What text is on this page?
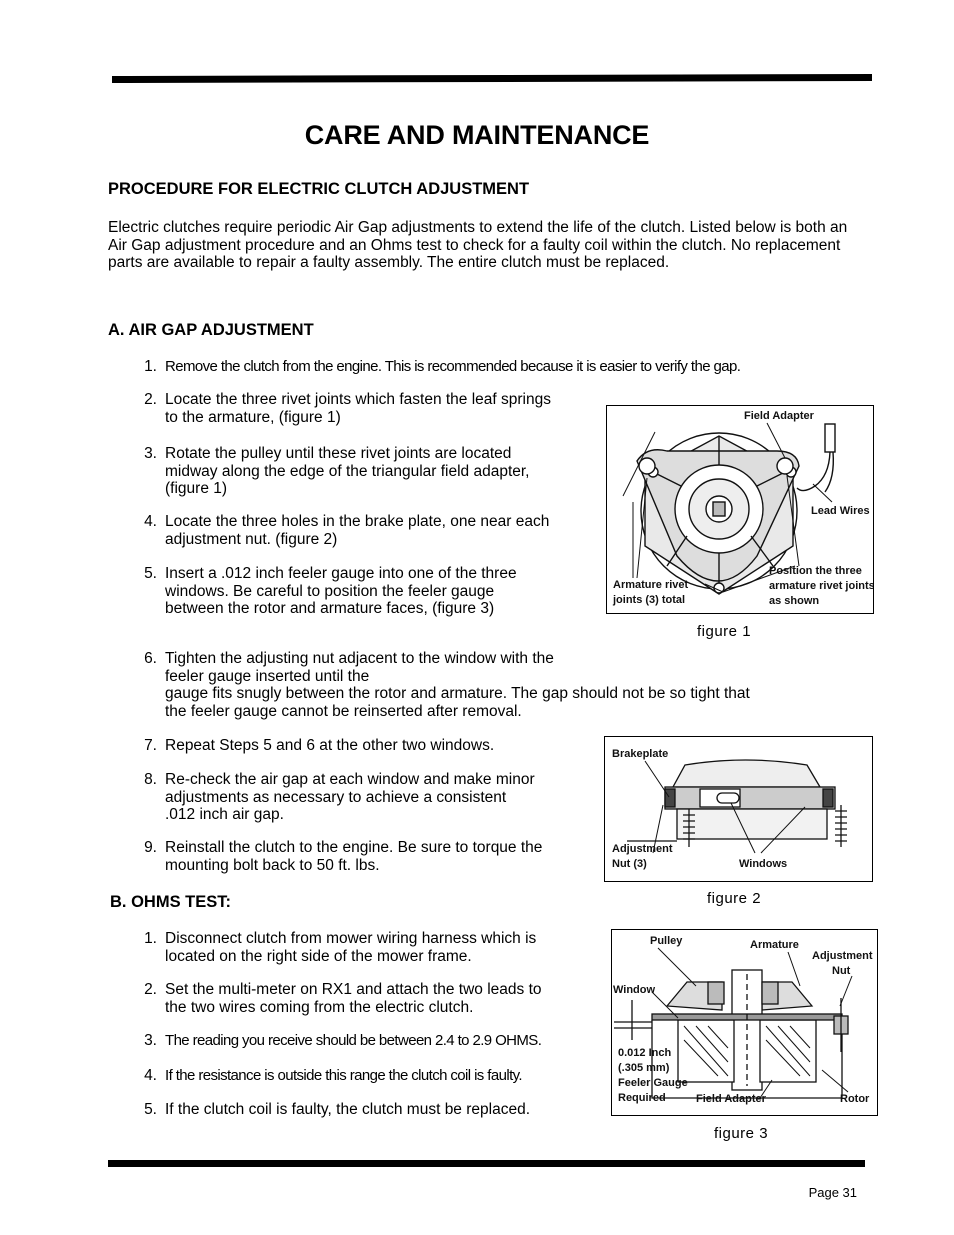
CARE AND MAINTENANCE
PROCEDURE FOR ELECTRIC CLUTCH ADJUSTMENT

Electric clutches require periodic Air Gap adjustments to extend the life of the clutch. Listed below is both an Air Gap adjustment procedure and an Ohms test to check for a faulty coil within the clutch. No replacement parts are available to repair a faulty assembly. The entire clutch must be replaced.

A. AIR GAP ADJUSTMENT
1. Remove the clutch from the engine. This is recommended because it is easier to verify the gap.
2. Locate the three rivet joints which fasten the leaf springs
to the armature, (figure 1)
3. Rotate the pulley until these rivet joints are located
midway along the edge of the triangular field adapter,
(figure 1)
4. Locate the three holes in the brake plate, one near each
adjustment nut. (figure 2)
5. Insert a .012 inch feeler gauge into one of the three
windows. Be careful to position the feeler gauge
between the rotor and armature faces, (figure 3)
6. Tighten the adjusting nut adjacent to the window with the
feeler gauge inserted until the
gauge fits snugly between the rotor and armature. The gap should not be so tight that
the feeler gauge cannot be reinserted after removal.
7. Repeat Steps 5 and 6 at the other two windows.
8. Re-check the air gap at each window and make minor
adjustments as necessary to achieve a consistent
.012 inch air gap.
9. Reinstall the clutch to the engine. Be sure to torque the
mounting bolt back to 50 ft. lbs.
B. OHMS TEST:
1. Disconnect clutch from mower wiring harness which is
located on the right side of the mower frame.
2. Set the multi-meter on RX1 and attach the two leads to
the two wires coming from the electric clutch.
3. The reading you receive should be between 2.4 to 2.9 OHMS.
4. If the resistance is outside this range the clutch coil is faulty.
5. If the clutch coil is faulty, the clutch must be replaced.
Field Adapter
Lead Wires
Armature rivet
joints (3) total
Position the three
armature rivet joints
as shown
figure 1
Brakeplate
Adjustment
Nut (3)	Windows
figure 2
Pulley	Armature
Adjustment
Nut
Window
0.012 Inch
(.305 mm)
Feeler Gauge
Required	Field Adapter	Rotor
figure 3
Page 31
